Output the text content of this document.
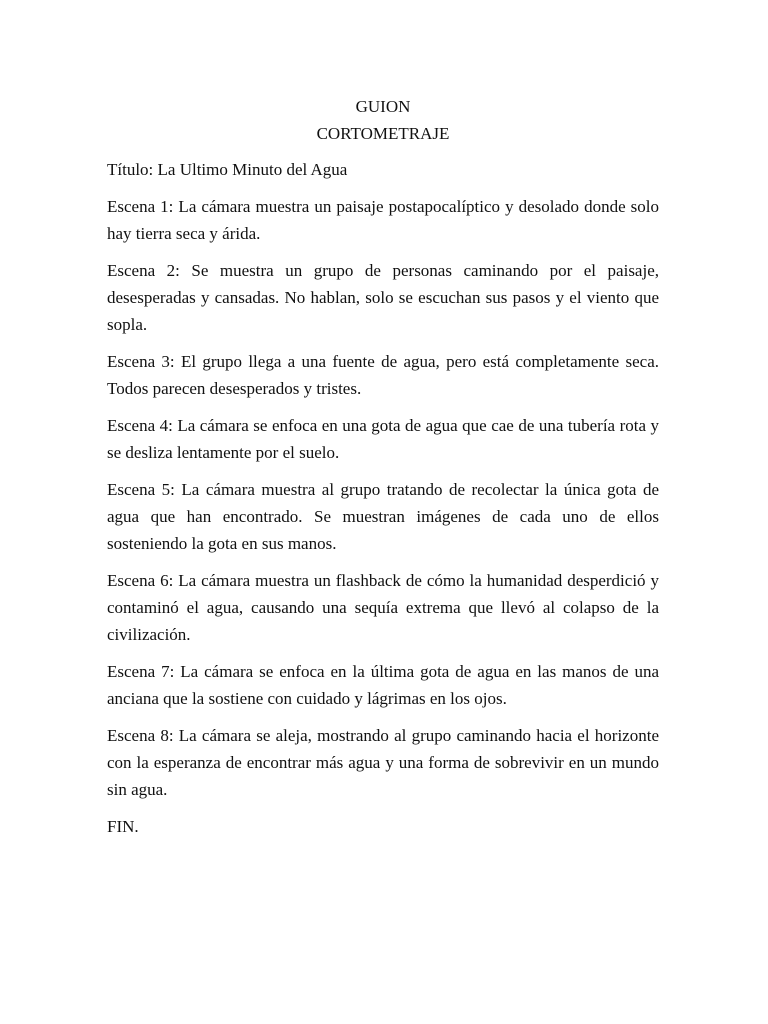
GUION
CORTOMETRAJE

Título: La Ultimo Minuto del Agua

Escena 1: La cámara muestra un paisaje postapocalíptico y desolado donde solo hay tierra seca y árida.

Escena 2: Se muestra un grupo de personas caminando por el paisaje, desesperadas y cansadas. No hablan, solo se escuchan sus pasos y el viento que sopla.

Escena 3: El grupo llega a una fuente de agua, pero está completamente seca. Todos parecen desesperados y tristes.

Escena 4: La cámara se enfoca en una gota de agua que cae de una tubería rota y se desliza lentamente por el suelo.

Escena 5: La cámara muestra al grupo tratando de recolectar la única gota de agua que han encontrado. Se muestran imágenes de cada uno de ellos sosteniendo la gota en sus manos.

Escena 6: La cámara muestra un flashback de cómo la humanidad desperdició y contaminó el agua, causando una sequía extrema que llevó al colapso de la civilización.

Escena 7: La cámara se enfoca en la última gota de agua en las manos de una anciana que la sostiene con cuidado y lágrimas en los ojos.

Escena 8: La cámara se aleja, mostrando al grupo caminando hacia el horizonte con la esperanza de encontrar más agua y una forma de sobrevivir en un mundo sin agua.

FIN.
